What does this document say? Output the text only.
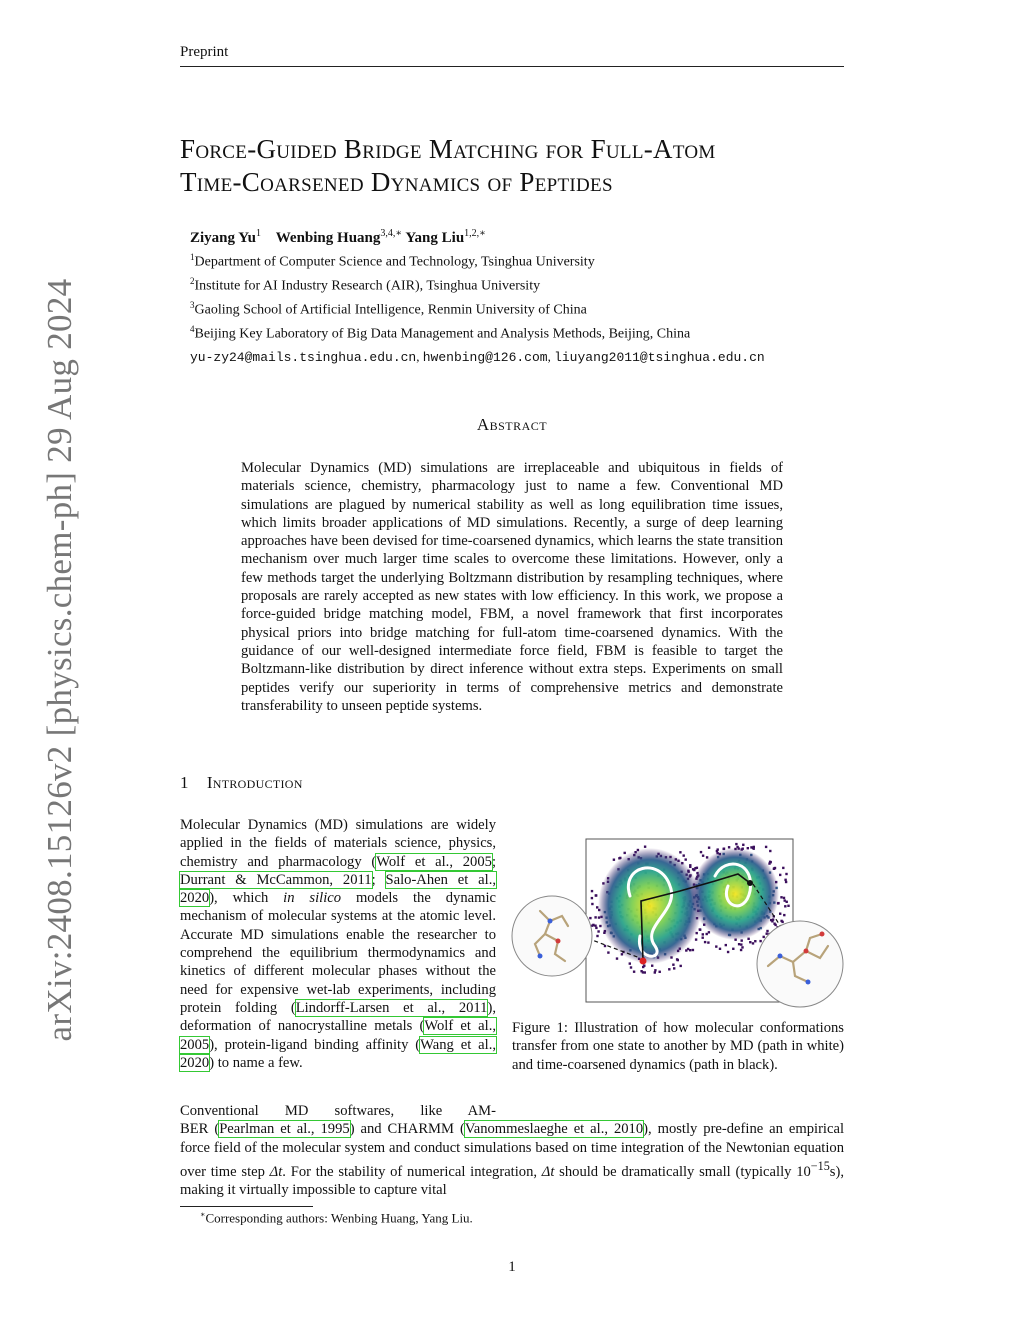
Preprint
arXiv:2408.15126v2 [physics.chem-ph] 29 Aug 2024
Force-Guided Bridge Matching for Full-Atom
Time-Coarsened Dynamics of Peptides
Ziyang Yu$^1$ Wenbing Huang$^{3,4,∗}$ Yang Liu$^{1,2,∗}$
$^1$Department of Computer Science and Technology, Tsinghua University
$^2$Institute for AI Industry Research (AIR), Tsinghua University
$^3$Gaoling School of Artificial Intelligence, Renmin University of China
$^4$Beijing Key Laboratory of Big Data Management and Analysis Methods, Beijing, China
yu-zy24@mails.tsinghua.edu.cn, hwenbing@126.com, liuyang2011@tsinghua.edu.cn
Abstract
Molecular Dynamics (MD) simulations are irreplaceable and ubiquitous in fields of materials science, chemistry, pharmacology just to name a few. Conventional MD simulations are plagued by numerical stability as well as long equilibration time issues, which limits broader applications of MD simulations. Recently, a surge of deep learning approaches have been devised for time-coarsened dynamics, which learns the state transition mechanism over much larger time scales to overcome these limitations. However, only a few methods target the underlying Boltzmann distribution by resampling techniques, where proposals are rarely accepted as new states with low efficiency. In this work, we propose a force-guided bridge matching model, FBM, a novel framework that first incorporates physical priors into bridge matching for full-atom time-coarsened dynamics. With the guidance of our well-designed intermediate force field, FBM is feasible to target the Boltzmann-like distribution by direct inference without extra steps. Experiments on small peptides verify our superiority in terms of comprehensive metrics and demonstrate transferability to unseen peptide systems.
1 Introduction
Molecular Dynamics (MD) simulations are widely applied in the fields of materials science, physics, chemistry and pharmacology (Wolf et al., 2005; Durrant & McCammon, 2011; Salo-Ahen et al., 2020), which in silico models the dynamic mechanism of molecular systems at the atomic level. Accurate MD simulations enable the researcher to comprehend the equilibrium thermodynamics and kinetics of different molecular phases without the need for expensive wet-lab experiments, including protein folding (Lindorff-Larsen et al., 2011), deformation of nanocrystalline metals (Wolf et al., 2005), protein-ligand binding affinity (Wang et al., 2020) to name a few.
Figure 1: Illustration of how molecular conformations transfer from one state to another by MD (path in white) and time-coarsened dynamics (path in black).
Conventional MD softwares, like AM-
BER (Pearlman et al., 1995) and CHARMM (Vanommeslaeghe et al., 2010), mostly pre-define an empirical force field of the molecular system and conduct simulations based on time integration of the Newtonian equation over time step Δt. For the stability of numerical integration, Δt should be dramatically small (typically $10^{-15}s$), making it virtually impossible to capture vital
∗Corresponding authors: Wenbing Huang, Yang Liu.
1
